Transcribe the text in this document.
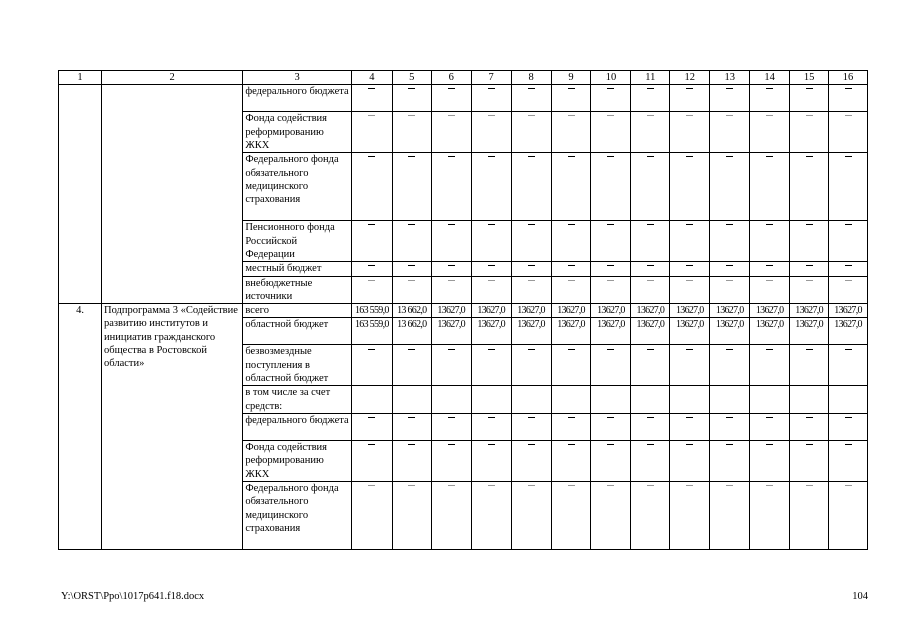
1	2	3	4	5	6	7	8	9	10	11	12	13	14	15	16
		федерального бюджета													
		Фонда содействия реформированию ЖКХ													
		Федерального фонда обязательного медицинского страхования													
		Пенсионного фонда Российской Федерации													
		местный бюджет													
		внебюджетные источники													
4.	Подпрограмма 3 «Содействие развитию институтов и инициатив гражданского общества в Ростовской области»	всего	163 559,0	13 662,0	13627,0	13627,0	13627,0	13627,0	13627,0	13627,0	13627,0	13627,0	13627,0	13627,0	13627,0
		областной бюджет	163 559,0	13 662,0	13627,0	13627,0	13627,0	13627,0	13627,0	13627,0	13627,0	13627,0	13627,0	13627,0	13627,0
		безвозмездные поступления в областной бюджет													
		в том числе за счет средств:													
		федерального бюджета													
		Фонда содействия реформированию ЖКХ													
		Федерального фонда обязательного медицинского страхования													
Y:\ORST\Ppo\1017p641.f18.docx	104
